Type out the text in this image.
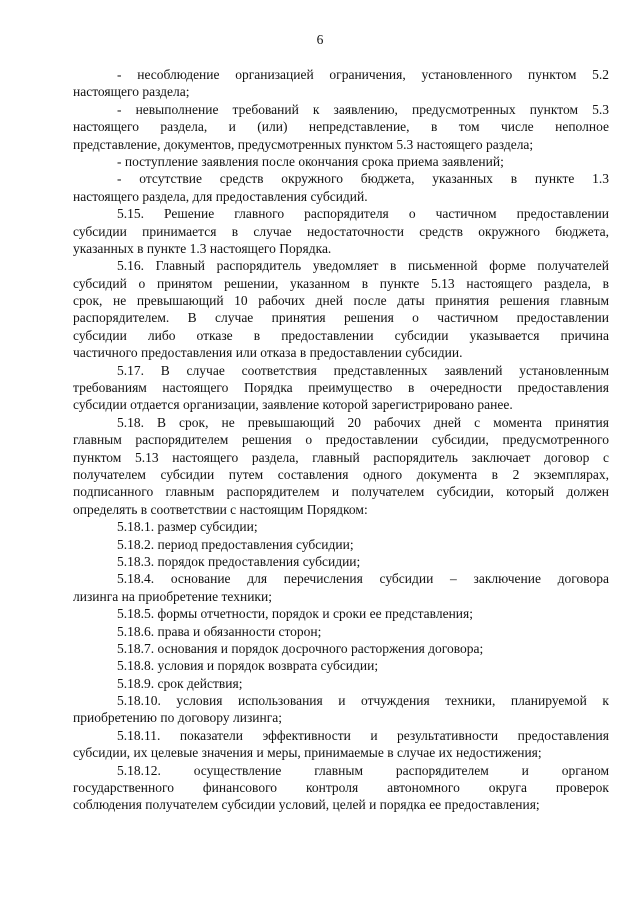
6
- несоблюдение организацией ограничения, установленного пунктом 5.2
настоящего раздела;
- невыполнение требований к заявлению, предусмотренных пунктом 5.3
настоящего раздела, и (или) непредставление, в том числе неполное
представление, документов, предусмотренных пунктом 5.3 настоящего раздела;
- поступление заявления после окончания срока приема заявлений;
- отсутствие средств окружного бюджета, указанных в пункте 1.3
настоящего раздела, для предоставления субсидий.
5.15. Решение главного распорядителя о частичном предоставлении
субсидии принимается в случае недостаточности средств окружного бюджета,
указанных в пункте 1.3 настоящего Порядка.
5.16. Главный распорядитель уведомляет в письменной форме получателей
субсидий о принятом решении, указанном в пункте 5.13 настоящего раздела, в
срок, не превышающий 10 рабочих дней после даты принятия решения главным
распорядителем. В случае принятия решения о частичном предоставлении
субсидии либо отказе в предоставлении субсидии указывается причина
частичного предоставления или отказа в предоставлении субсидии.
5.17. В случае соответствия представленных заявлений установленным
требованиям настоящего Порядка преимущество в очередности предоставления
субсидии отдается организации, заявление которой зарегистрировано ранее.
5.18. В срок, не превышающий 20 рабочих дней с момента принятия
главным распорядителем решения о предоставлении субсидии, предусмотренного
пунктом 5.13 настоящего раздела, главный распорядитель заключает договор с
получателем субсидии путем составления одного документа в 2 экземплярах,
подписанного главным распорядителем и получателем субсидии, который должен
определять в соответствии с настоящим Порядком:
5.18.1. размер субсидии;
5.18.2. период предоставления субсидии;
5.18.3. порядок предоставления субсидии;
5.18.4. основание для перечисления субсидии – заключение договора
лизинга на приобретение техники;
5.18.5. формы отчетности, порядок и сроки ее представления;
5.18.6. права и обязанности сторон;
5.18.7. основания и порядок досрочного расторжения договора;
5.18.8. условия и порядок возврата субсидии;
5.18.9. срок действия;
5.18.10. условия использования и отчуждения техники, планируемой к
приобретению по договору лизинга;
5.18.11. показатели эффективности и результативности предоставления
субсидии, их целевые значения и меры, принимаемые в случае их недостижения;
5.18.12. осуществление главным распорядителем и органом
государственного финансового контроля автономного округа проверок
соблюдения получателем субсидии условий, целей и порядка ее предоставления;
